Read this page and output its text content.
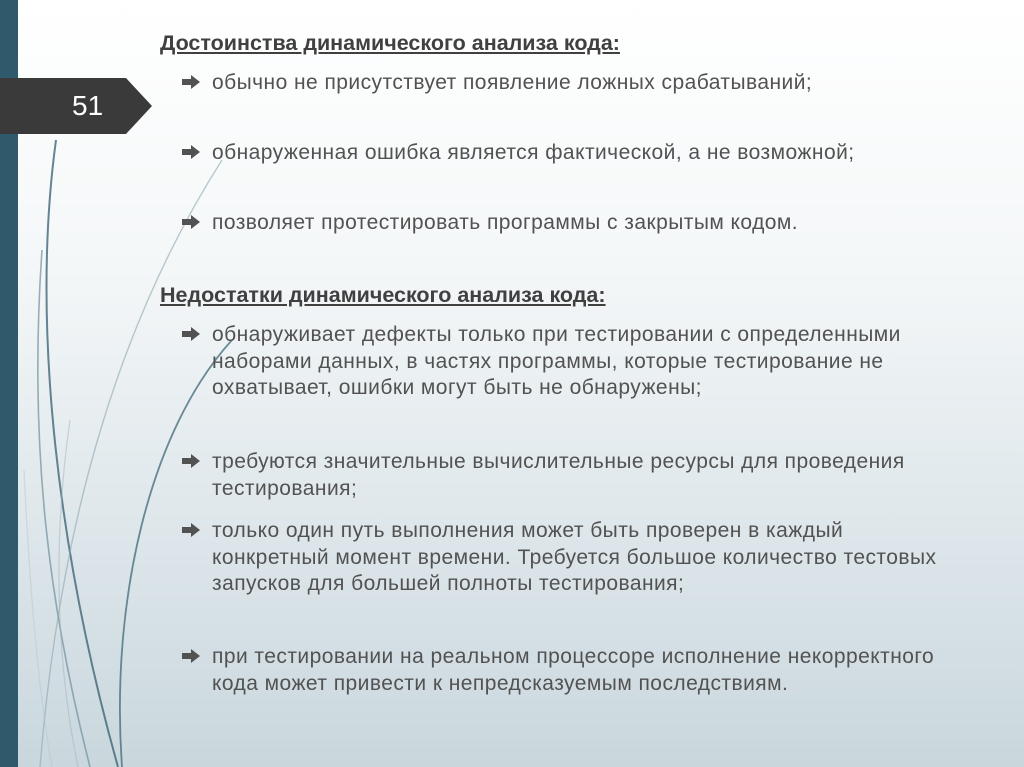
51
Достоинства динамического анализа кода:
обычно не присутствует появление ложных срабатываний;
обнаруженная ошибка является фактической, а не возможной;
позволяет протестировать программы с закрытым кодом.
Недостатки динамического анализа кода:
обнаруживает дефекты только при тестировании с определенными наборами данных, в частях программы, которые тестирование не охватывает, ошибки могут быть не обнаружены;
требуются значительные вычислительные ресурсы для проведения тестирования;
только один путь выполнения может быть проверен в каждый конкретный момент времени. Требуется большое количество тестовых запусков для большей полноты тестирования;
при тестировании на реальном процессоре исполнение некорректного кода может привести к непредсказуемым последствиям.
